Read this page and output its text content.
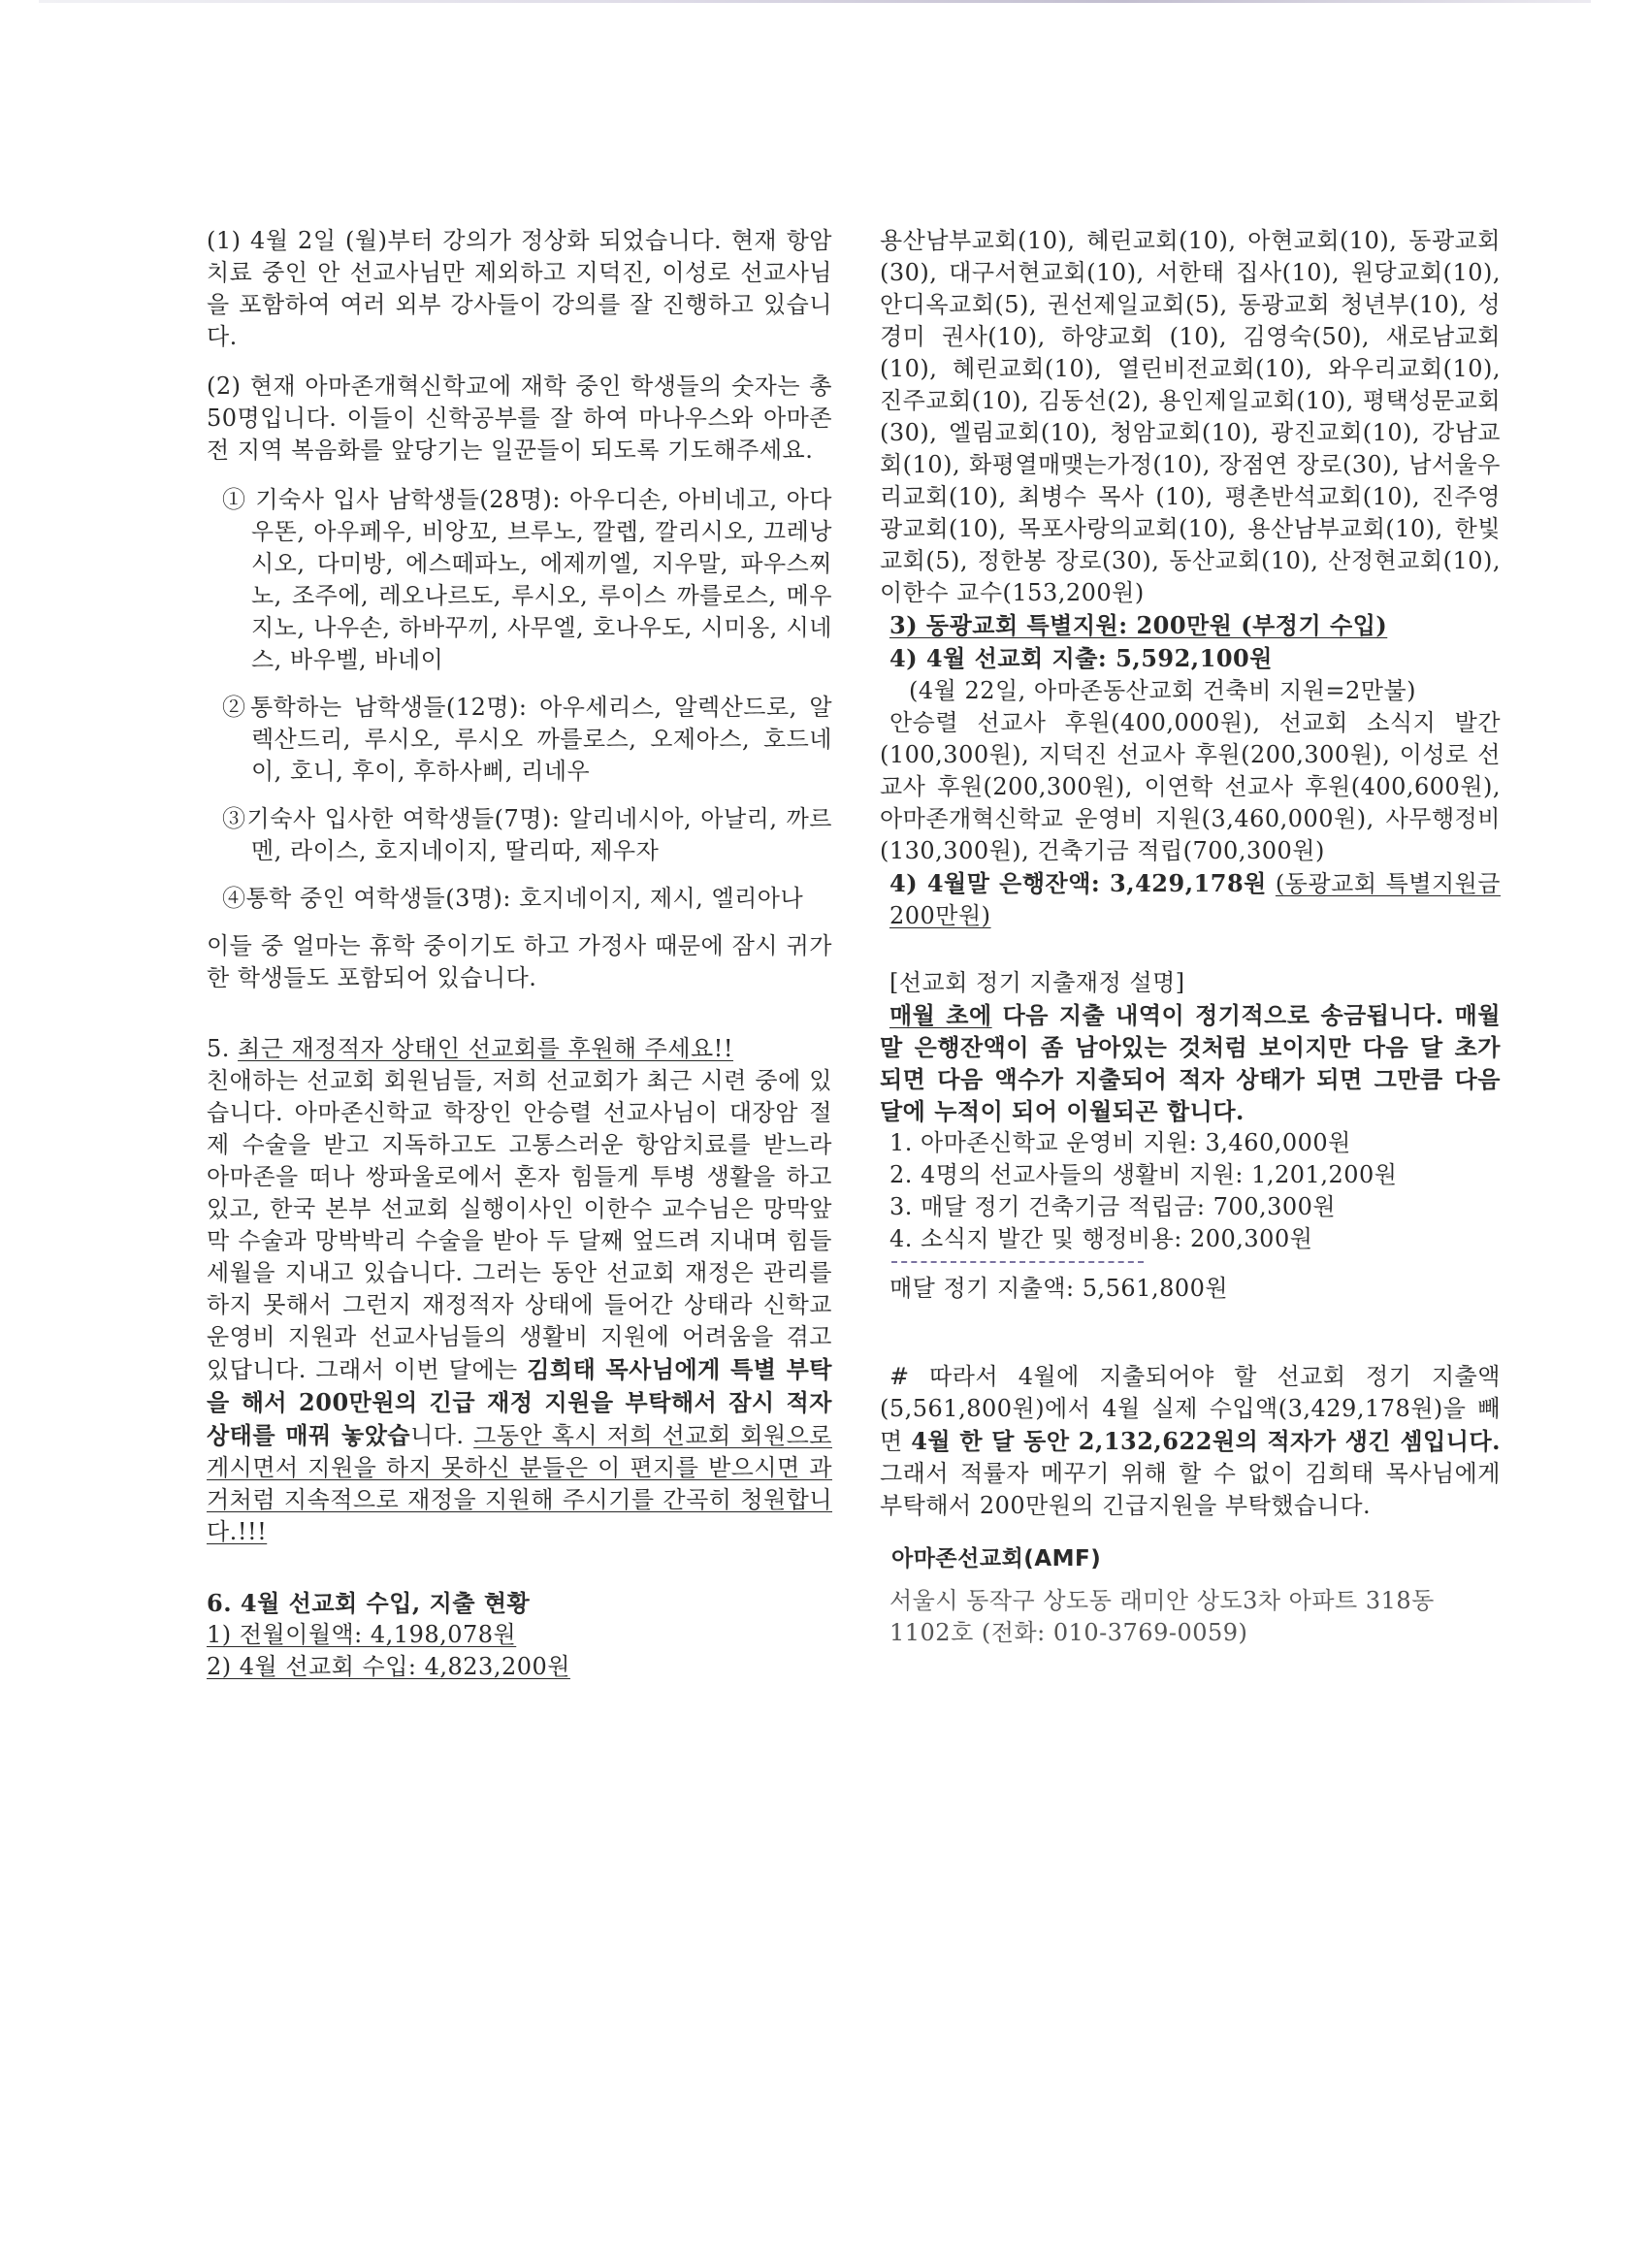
(1) 4월 2일 (월)부터 강의가 정상화 되었습니다. 현재 항암치료 중인 안 선교사님만 제외하고 지덕진, 이성로 선교사님을 포함하여 여러 외부 강사들이 강의를 잘 진행하고 있습니다.

(2) 현재 아마존개혁신학교에 재학 중인 학생들의 숫자는 총 50명입니다. 이들이 신학공부를 잘 하여 마나우스와 아마존 전 지역 복음화를 앞당기는 일꾼들이 되도록 기도해주세요.

① 기숙사 입사 남학생들(28명): 아우디손, 아비네고, 아다우똔, 아우페우, 비앙꼬, 브루노, 깔렙, 깔리시오, 끄레낭시오, 다미방, 에스떼파노, 에제끼엘, 지우말, 파우스찌노, 조주에, 레오나르도, 루시오, 루이스 까를로스, 메우지노, 나우손, 하바꾸끼, 사무엘, 호나우도, 시미옹, 시네스, 바우벨, 바네이

②통학하는 남학생들(12명): 아우세리스, 알렉산드로, 알렉산드리, 루시오, 루시오 까를로스, 오제아스, 호드네이, 호니, 후이, 후하사삐, 리네우

③기숙사 입사한 여학생들(7명): 알리네시아, 아날리, 까르멘, 라이스, 호지네이지, 딸리따, 제우자

④통학 중인 여학생들(3명): 호지네이지, 제시, 엘리아나

이들 중 얼마는 휴학 중이기도 하고 가정사 때문에 잠시 귀가한 학생들도 포함되어 있습니다.

5. 최근 재정적자 상태인 선교회를 후원해 주세요!!

친애하는 선교회 회원님들, 저희 선교회가 최근 시련 중에 있습니다. 아마존신학교 학장인 안승렬 선교사님이 대장암 절제 수술을 받고 지독하고도 고통스러운 항암치료를 받느라 아마존을 떠나 쌍파울로에서 혼자 힘들게 투병 생활을 하고 있고, 한국 본부 선교회 실행이사인 이한수 교수님은 망막앞막 수술과 망박박리 수술을 받아 두 달째 엎드려 지내며 힘들 세월을 지내고 있습니다. 그러는 동안 선교회 재정은 관리를 하지 못해서 그런지 재정적자 상태에 들어간 상태라 신학교 운영비 지원과 선교사님들의 생활비 지원에 어려움을 겪고 있답니다. 그래서 이번 달에는 김희태 목사님에게 특별 부탁을 해서 200만원의 긴급 재정 지원을 부탁해서 잠시 적자 상태를 매꿔 놓았습니다. 그동안 혹시 저희 선교회 회원으로 게시면서 지원을 하지 못하신 분들은 이 편지를 받으시면 과거처럼 지속적으로 재정을 지원해 주시기를 간곡히 청원합니다.!!!

6. 4월 선교회 수입, 지출 현황

1) 전월이월액: 4,198,078원

2) 4월 선교회 수입: 4,823,200원

용산남부교회(10), 혜린교회(10), 아현교회(10), 동광교회(30), 대구서현교회(10), 서한태 집사(10), 원당교회(10), 안디옥교회(5), 권선제일교회(5), 동광교회 청년부(10), 성경미 권사(10), 하양교회 (10), 김영숙(50), 새로남교회(10), 혜린교회(10), 열린비전교회(10), 와우리교회(10), 진주교회(10), 김동선(2), 용인제일교회(10), 평택성문교회(30), 엘림교회(10), 청암교회(10), 광진교회(10), 강남교회(10), 화평열매맺는가정(10), 장점연 장로(30), 남서울우리교회(10), 최병수 목사 (10), 평촌반석교회(10), 진주영광교회(10), 목포사랑의교회(10), 용산남부교회(10), 한빛교회(5), 정한봉 장로(30), 동산교회(10), 산정현교회(10), 이한수 교수(153,200원)

3) 동광교회 특별지원: 200만원 (부정기 수입)

4) 4월 선교회 지출: 5,592,100원

(4월 22일, 아마존동산교회 건축비 지원=2만불)

안승렬 선교사 후원(400,000원), 선교회 소식지 발간(100,300원), 지덕진 선교사 후원(200,300원), 이성로 선교사 후원(200,300원), 이연학 선교사 후원(400,600원), 아마존개혁신학교 운영비 지원(3,460,000원), 사무행정비(130,300원), 건축기금 적립(700,300원)

4) 4월말 은행잔액: 3,429,178원 (동광교회 특별지원금 200만원)

[선교회 정기 지출재정 설명]

매월 초에 다음 지출 내역이 정기적으로 송금됩니다. 매월 말 은행잔액이 좀 남아있는 것처럼 보이지만 다음 달 초가 되면 다음 액수가 지출되어 적자 상태가 되면 그만큼 다음 달에 누적이 되어 이월되곤 합니다.

1. 아마존신학교 운영비 지원: 3,460,000원

2. 4명의 선교사들의 생활비 지원: 1,201,200원

3. 매달 정기 건축기금 적립금: 700,300원

4. 소식지 발간 및 행정비용: 200,300원

매달 정기 지출액: 5,561,800원

# 따라서 4월에 지출되어야 할 선교회 정기 지출액(5,561,800원)에서 4월 실제 수입액(3,429,178원)을 빼면 4월 한 달 동안 2,132,622원의 적자가 생긴 셈입니다. 그래서 적률자 메꾸기 위해 할 수 없이 김희태 목사님에게 부탁해서 200만원의 긴급지원을 부탁했습니다.

아마존선교회(AMF)

서울시 동작구 상도동 래미안 상도3차 아파트 318동 1102호 (전화: 010-3769-0059)
